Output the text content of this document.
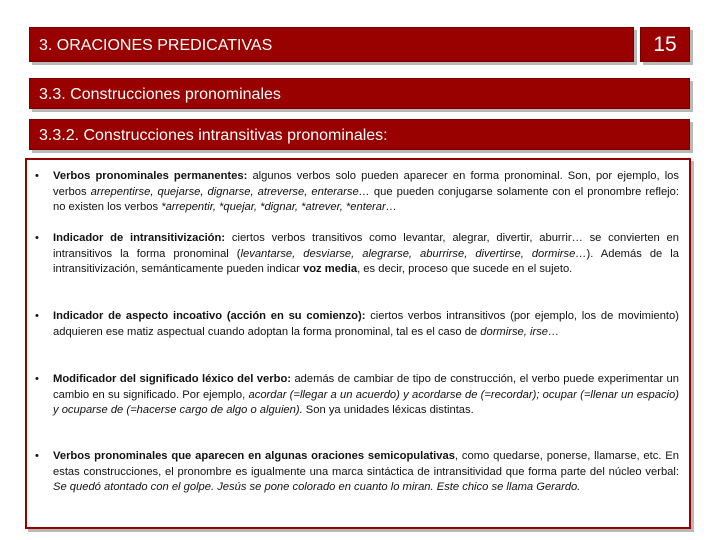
3. ORACIONES PREDICATIVAS	15
3.3. Construcciones pronominales
3.3.2. Construcciones intransitivas pronominales:
• Verbos pronominales permanentes: algunos verbos solo pueden aparecer en forma pronominal. Son, por ejemplo, los verbos arrepentirse, quejarse, dignarse, atreverse, enterarse… que pueden conjugarse solamente con el pronombre reflejo: no existen los verbos *arrepentir, *quejar, *dignar, *atrever, *enterar…
• Indicador de intransitivización: ciertos verbos transitivos como levantar, alegrar, divertir, aburrir… se convierten en intransitivos la forma pronominal (levantarse, desviarse, alegrarse, aburrirse, divertirse, dormirse…). Además de la intransitivización, semánticamente pueden indicar voz media, es decir, proceso que sucede en el sujeto.
• Indicador de aspecto incoativo (acción en su comienzo): ciertos verbos intransitivos (por ejemplo, los de movimiento) adquieren ese matiz aspectual cuando adoptan la forma pronominal, tal es el caso de dormirse, irse…
• Modificador del significado léxico del verbo: además de cambiar de tipo de construcción, el verbo puede experimentar un cambio en su significado. Por ejemplo, acordar (=llegar a un acuerdo) y acordarse de (=recordar); ocupar (=llenar un espacio) y ocuparse de (=hacerse cargo de algo o alguien). Son ya unidades léxicas distintas.
• Verbos pronominales que aparecen en algunas oraciones semicopulativas, como quedarse, ponerse, llamarse, etc. En estas construcciones, el pronombre es igualmente una marca sintáctica de intransitividad que forma parte del núcleo verbal: Se quedó atontado con el golpe. Jesús se pone colorado en cuanto lo miran. Este chico se llama Gerardo.
